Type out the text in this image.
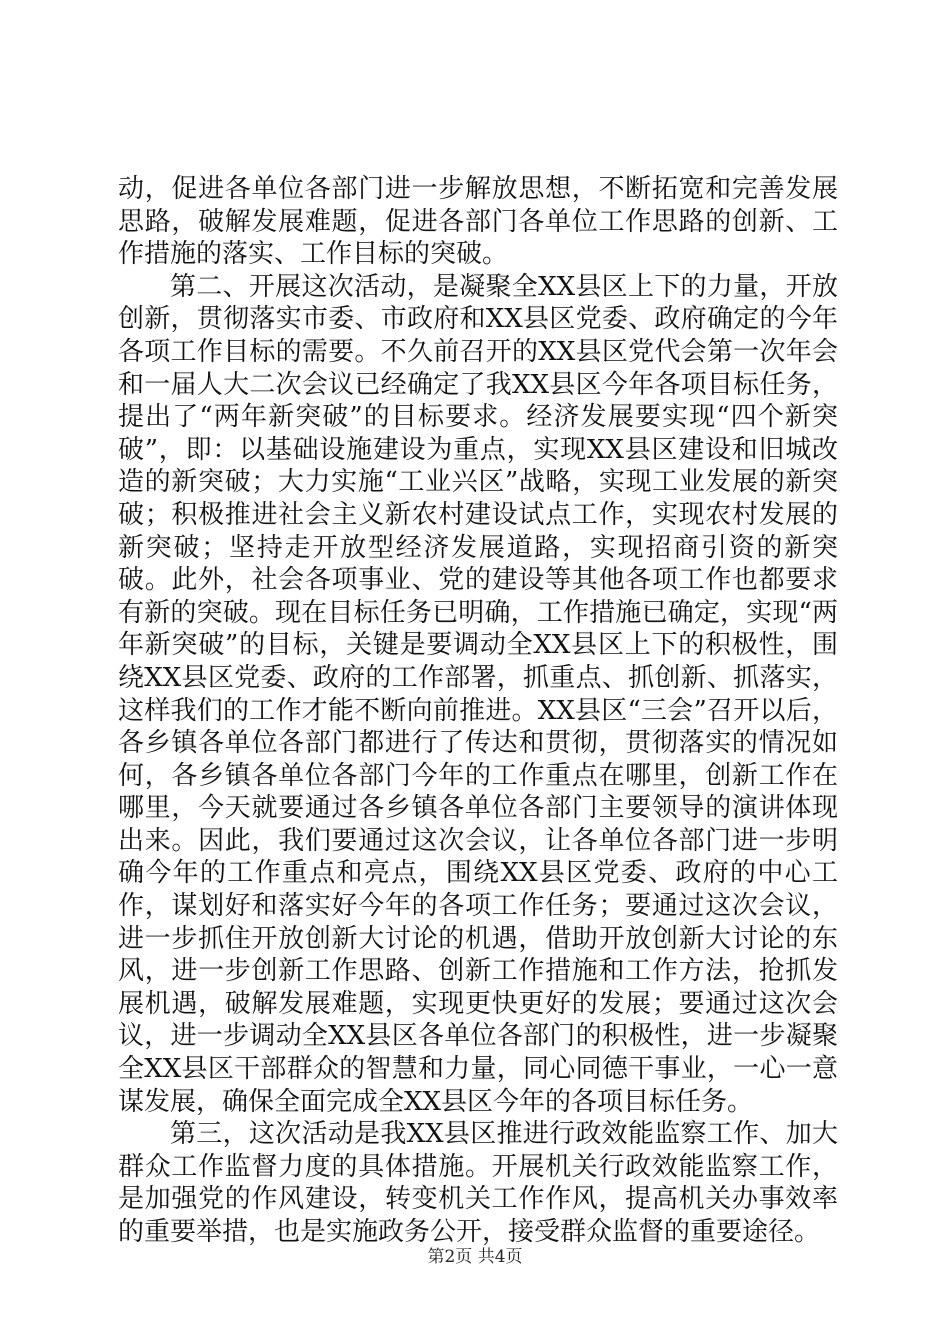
动，促进各单位各部门进一步解放思想，不断拓宽和完善发展思路，破解发展难题，促进各部门各单位工作思路的创新、工作措施的落实、工作目标的突破。

第二、开展这次活动，是凝聚全XX县区上下的力量，开放创新，贯彻落实市委、市政府和XX县区党委、政府确定的今年各项工作目标的需要。不久前召开的XX县区党代会第一次年会和一届人大二次会议已经确定了我XX县区今年各项目标任务，提出了“两年新突破”的目标要求。经济发展要实现“四个新突破”，即：以基础设施建设为重点，实现XX县区建设和旧城改造的新突破；大力实施“工业兴区”战略，实现工业发展的新突破；积极推进社会主义新农村建设试点工作，实现农村发展的新突破；坚持走开放型经济发展道路，实现招商引资的新突破。此外，社会各项事业、党的建设等其他各项工作也都要求有新的突破。现在目标任务已明确，工作措施已确定，实现“两年新突破”的目标，关键是要调动全XX县区上下的积极性，围绕XX县区党委、政府的工作部署，抓重点、抓创新、抓落实，这样我们的工作才能不断向前推进。XX县区“三会”召开以后，各乡镇各单位各部门都进行了传达和贯彻，贯彻落实的情况如何，各乡镇各单位各部门今年的工作重点在哪里，创新工作在哪里，今天就要通过各乡镇各单位各部门主要领导的演讲体现出来。因此，我们要通过这次会议，让各单位各部门进一步明确今年的工作重点和亮点，围绕XX县区党委、政府的中心工作，谋划好和落实好今年的各项工作任务；要通过这次会议，进一步抓住开放创新大讨论的机遇，借助开放创新大讨论的东风，进一步创新工作思路、创新工作措施和工作方法，抢抓发展机遇，破解发展难题，实现更快更好的发展；要通过这次会议，进一步调动全XX县区各单位各部门的积极性，进一步凝聚全XX县区干部群众的智慧和力量，同心同德干事业，一心一意谋发展，确保全面完成全XX县区今年的各项目标任务。

第三，这次活动是我XX县区推进行政效能监察工作、加大群众工作监督力度的具体措施。开展机关行政效能监察工作，是加强党的作风建设，转变机关工作作风，提高机关办事效率的重要举措，也是实施政务公开，接受群众监督的重要途径。

第2页 共4页
